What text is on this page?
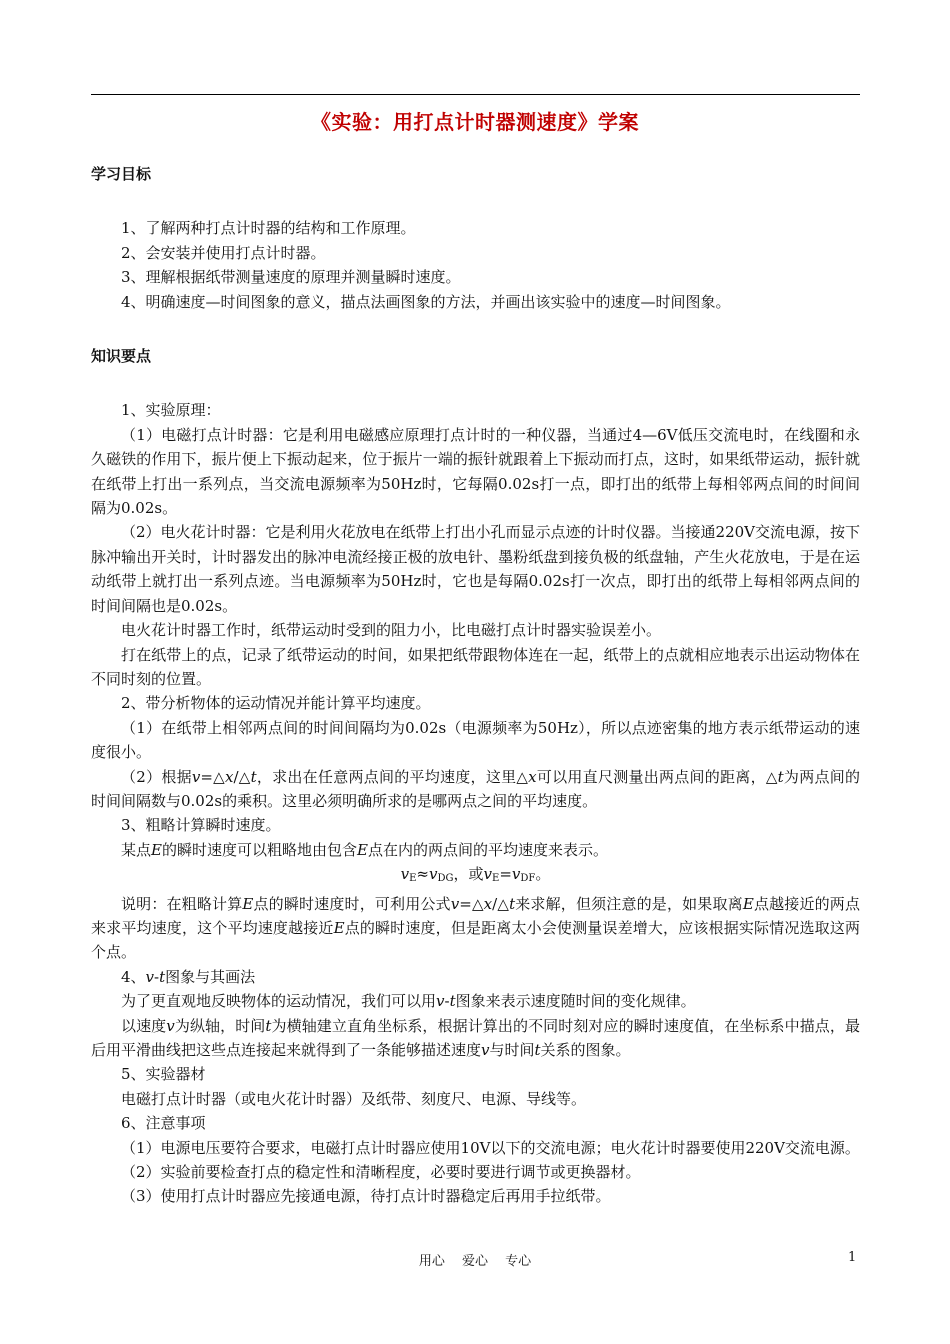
《实验：用打点计时器测速度》学案

学习目标

1、了解两种打点计时器的结构和工作原理。

2、会安装并使用打点计时器。

3、理解根据纸带测量速度的原理并测量瞬时速度。

4、明确速度—时间图象的意义，描点法画图象的方法，并画出该实验中的速度—时间图象。

知识要点

1、实验原理：

（1）电磁打点计时器：它是利用电磁感应原理打点计时的一种仪器，当通过4—6V低压交流电时，在线圈和永久磁铁的作用下，振片便上下振动起来，位于振片一端的振针就跟着上下振动而打点，这时，如果纸带运动，振针就在纸带上打出一系列点，当交流电源频率为50Hz时，它每隔0.02s打一点，即打出的纸带上每相邻两点间的时间间隔为0.02s。

（2）电火花计时器：它是利用火花放电在纸带上打出小孔而显示点迹的计时仪器。当接通220V交流电源，按下脉冲输出开关时，计时器发出的脉冲电流经接正极的放电针、墨粉纸盘到接负极的纸盘轴，产生火花放电，于是在运动纸带上就打出一系列点迹。当电源频率为50Hz时，它也是每隔0.02s打一次点，即打出的纸带上每相邻两点间的时间间隔也是0.02s。

电火花计时器工作时，纸带运动时受到的阻力小，比电磁打点计时器实验误差小。

打在纸带上的点，记录了纸带运动的时间，如果把纸带跟物体连在一起，纸带上的点就相应地表示出运动物体在不同时刻的位置。

2、带分析物体的运动情况并能计算平均速度。

（1）在纸带上相邻两点间的时间间隔均为0.02s（电源频率为50Hz），所以点迹密集的地方表示纸带运动的速度很小。

（2）根据v=△x/△t，求出在任意两点间的平均速度，这里△x可以用直尺测量出两点间的距离，△t为两点间的时间间隔数与0.02s的乘积。这里必须明确所求的是哪两点之间的平均速度。

3、粗略计算瞬时速度。

某点E的瞬时速度可以粗略地由包含E点在内的两点间的平均速度来表示。

$v_E\approx v_{DG}$，或$v_E=v_{DF}$。

说明：在粗略计算E点的瞬时速度时，可利用公式v=△x/△t来求解，但须注意的是，如果取离E点越接近的两点来求平均速度，这个平均速度越接近E点的瞬时速度，但是距离太小会使测量误差增大，应该根据实际情况选取这两个点。

4、v-t图象与其画法

为了更直观地反映物体的运动情况，我们可以用v-t图象来表示速度随时间的变化规律。

以速度v为纵轴，时间t为横轴建立直角坐标系，根据计算出的不同时刻对应的瞬时速度值，在坐标系中描点，最后用平滑曲线把这些点连接起来就得到了一条能够描述速度v与时间t关系的图象。

5、实验器材

电磁打点计时器（或电火花计时器）及纸带、刻度尺、电源、导线等。

6、注意事项

（1）电源电压要符合要求，电磁打点计时器应使用10V以下的交流电源；电火花计时器要使用220V交流电源。

（2）实验前要检查打点的稳定性和清晰程度，必要时要进行调节或更换器材。

（3）使用打点计时器应先接通电源，待打点计时器稳定后再用手拉纸带。

用心　 爱心　 专心	1
